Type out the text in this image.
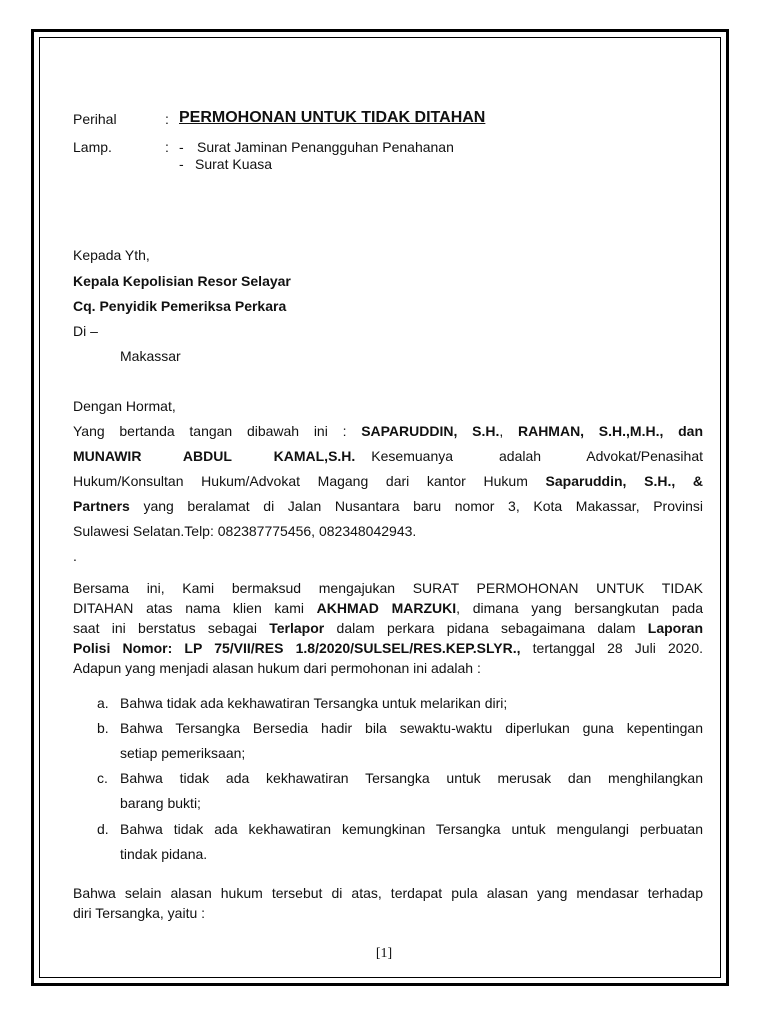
Perihal	: PERMOHONAN UNTUK TIDAK DITAHAN
Lamp.	: - Surat Jaminan Penangguhan Penahanan
- Surat Kuasa
Kepada Yth,
Kepala Kepolisian Resor Selayar
Cq. Penyidik Pemeriksa Perkara
Di –
Makassar
Dengan Hormat,
Yang bertanda tangan dibawah ini : SAPARUDDIN, S.H., RAHMAN, S.H.,M.H., dan
MUNAWIR ABDUL KAMAL,S.H. Kesemuanya adalah Advokat/Penasihat
Hukum/Konsultan Hukum/Advokat Magang dari kantor Hukum Saparuddin, S.H., &
Partners yang beralamat di Jalan Nusantara baru nomor 3, Kota Makassar, Provinsi
Sulawesi Selatan.Telp: 082387775456, 082348042943.
.
Bersama ini, Kami bermaksud mengajukan SURAT PERMOHONAN UNTUK TIDAK
DITAHAN atas nama klien kami AKHMAD MARZUKI, dimana yang bersangkutan pada
saat ini berstatus sebagai Terlapor dalam perkara pidana sebagaimana dalam Laporan
Polisi Nomor: LP 75/VII/RES 1.8/2020/SULSEL/RES.KEP.SLYR., tertanggal 28 Juli 2020.
Adapun yang menjadi alasan hukum dari permohonan ini adalah :
a. Bahwa tidak ada kekhawatiran Tersangka untuk melarikan diri;
b. Bahwa Tersangka Bersedia hadir bila sewaktu-waktu diperlukan guna kepentingan
setiap pemeriksaan;
c. Bahwa tidak ada kekhawatiran Tersangka untuk merusak dan menghilangkan
barang bukti;
d. Bahwa tidak ada kekhawatiran kemungkinan Tersangka untuk mengulangi perbuatan
tindak pidana.
Bahwa selain alasan hukum tersebut di atas, terdapat pula alasan yang mendasar terhadap
diri Tersangka, yaitu :
[1]
